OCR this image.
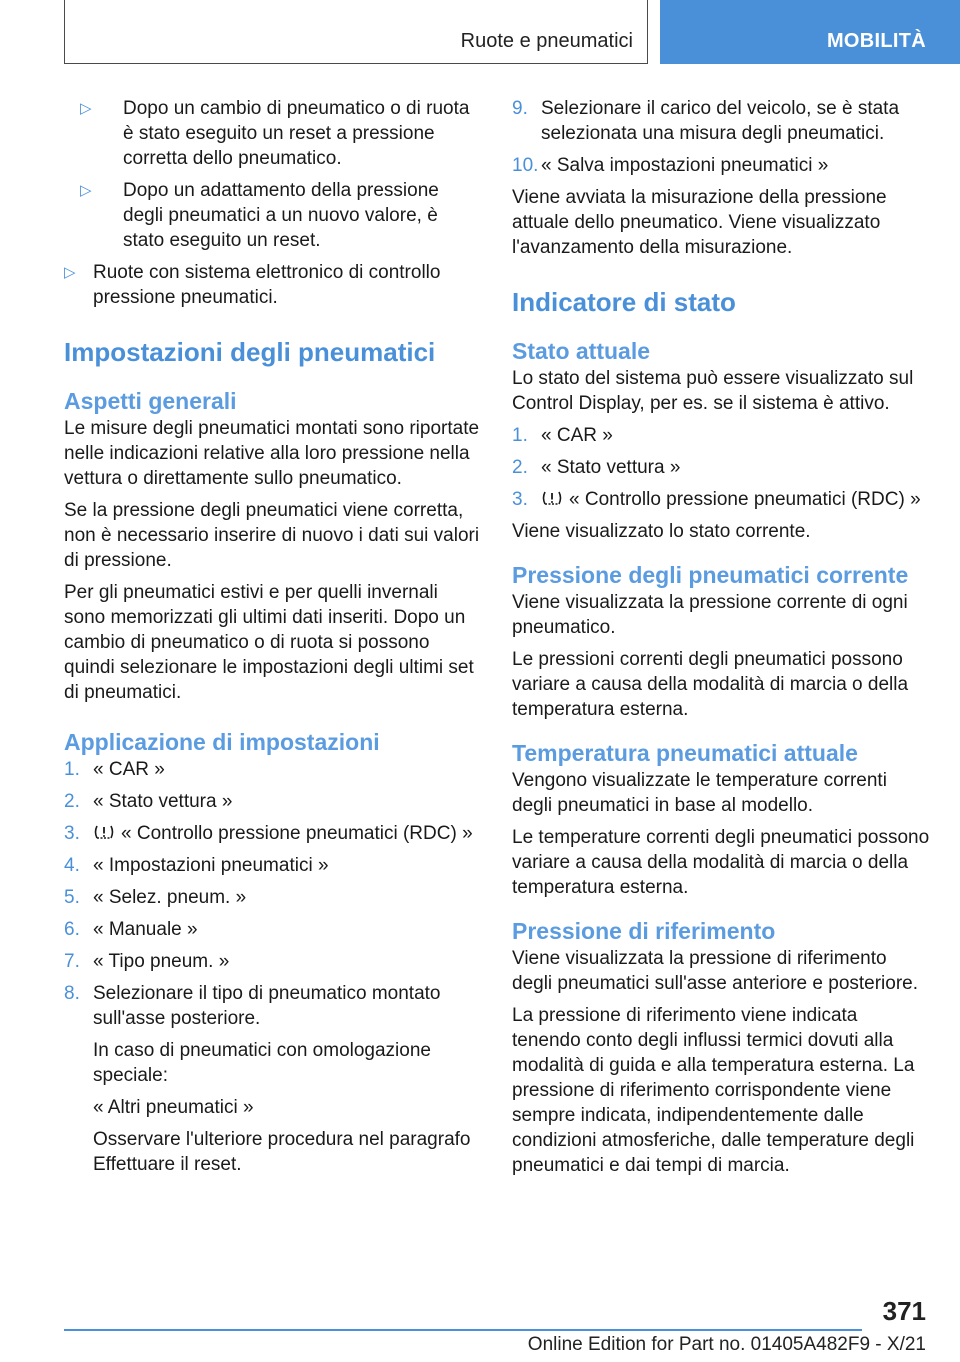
Ruote e pneumatici	MOBILITÀ
▷ Dopo un cambio di pneumatico o di ruota è stato eseguito un reset a pressione corretta dello pneumatico.
▷ Dopo un adattamento della pressione degli pneumatici a un nuovo valore, è stato eseguito un reset.
▷ Ruote con sistema elettronico di controllo pressione pneumatici.
Impostazioni degli pneumatici
Aspetti generali

Le misure degli pneumatici montati sono riportate nelle indicazioni relative alla loro pressione nella vettura o direttamente sullo pneumatico.

Se la pressione degli pneumatici viene corretta, non è necessario inserire di nuovo i dati sui valori di pressione.

Per gli pneumatici estivi e per quelli invernali sono memorizzati gli ultimi dati inseriti. Dopo un cambio di pneumatico o di ruota si possono quindi selezionare le impostazioni degli ultimi set di pneumatici.

Applicazione di impostazioni
1. « CAR »
2. « Stato vettura »
3. « Controllo pressione pneumatici (RDC) »
4. « Impostazioni pneumatici »
5. « Selez. pneum. »
6. « Manuale »
7. « Tipo pneum. »
8. Selezionare il tipo di pneumatico montato sull'asse posteriore.

In caso di pneumatici con omologazione speciale:

« Altri pneumatici »

Osservare l'ulteriore procedura nel paragrafo Effettuare il reset.

9. Selezionare il carico del veicolo, se è stata selezionata una misura degli pneumatici.
10. « Salva impostazioni pneumatici »

Viene avviata la misurazione della pressione attuale dello pneumatico. Viene visualizzato l'avanzamento della misurazione.

Indicatore di stato
Stato attuale

Lo stato del sistema può essere visualizzato sul Control Display, per es. se il sistema è attivo.

1. « CAR »
2. « Stato vettura »
3. « Controllo pressione pneumatici (RDC) »

Viene visualizzato lo stato corrente.

Pressione degli pneumatici corrente

Viene visualizzata la pressione corrente di ogni pneumatico.

Le pressioni correnti degli pneumatici possono variare a causa della modalità di marcia o della temperatura esterna.

Temperatura pneumatici attuale

Vengono visualizzate le temperature correnti degli pneumatici in base al modello.

Le temperature correnti degli pneumatici possono variare a causa della modalità di marcia o della temperatura esterna.

Pressione di riferimento

Viene visualizzata la pressione di riferimento degli pneumatici sull'asse anteriore e posteriore.

La pressione di riferimento viene indicata tenendo conto degli influssi termici dovuti alla modalità di guida e alla temperatura esterna. La pressione di riferimento corrispondente viene sempre indicata, indipendentemente dalle condizioni atmosferiche, dalle temperature degli pneumatici e dai tempi di marcia.

371
Online Edition for Part no. 01405A482F9 - X/21
